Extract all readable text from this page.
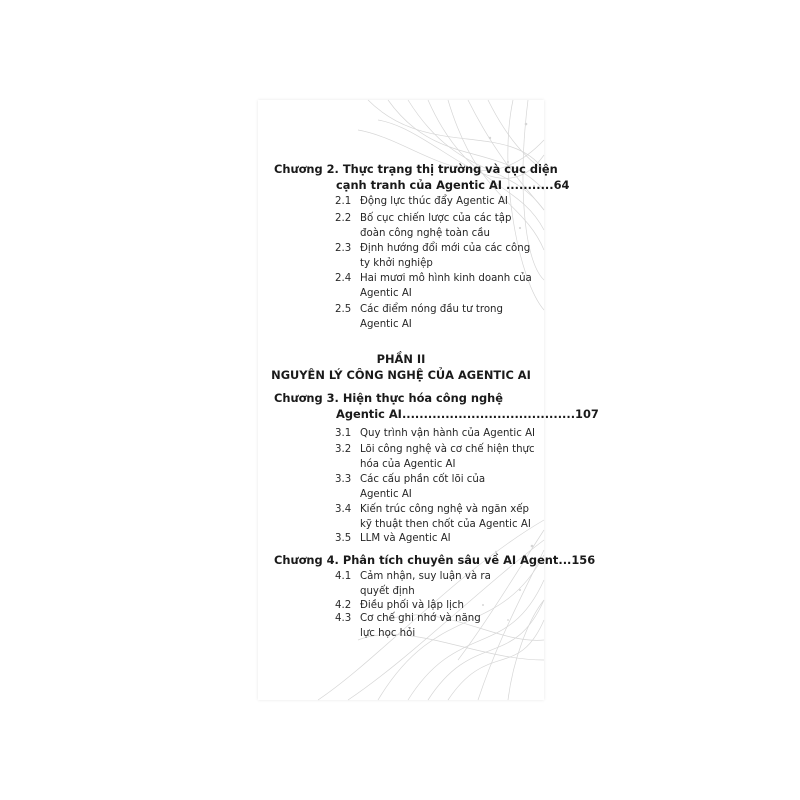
Chương 2. Thực trạng thị trường và cục diện
cạnh tranh của Agentic AI ...........64
2.1 Động lực thúc đẩy Agentic AI
2.2 Bố cục chiến lược của các tập
đoàn công nghệ toàn cầu
2.3 Định hướng đổi mới của các công
ty khởi nghiệp
2.4 Hai mươi mô hình kinh doanh của
Agentic AI
2.5 Các điểm nóng đầu tư trong
Agentic AI
PHẦN II
NGUYÊN LÝ CÔNG NGHỆ CỦA AGENTIC AI
Chương 3. Hiện thực hóa công nghệ
Agentic AI........................................107
3.1 Quy trình vận hành của Agentic AI
3.2 Lõi công nghệ và cơ chế hiện thực
hóa của Agentic AI
3.3 Các cấu phần cốt lõi của
Agentic AI
3.4 Kiến trúc công nghệ và ngăn xếp
kỹ thuật then chốt của Agentic AI
3.5 LLM và Agentic AI
Chương 4. Phân tích chuyên sâu về AI Agent...156
4.1 Cảm nhận, suy luận và ra
quyết định
4.2 Điều phối và lập lịch
4.3 Cơ chế ghi nhớ và năng
lực học hỏi
